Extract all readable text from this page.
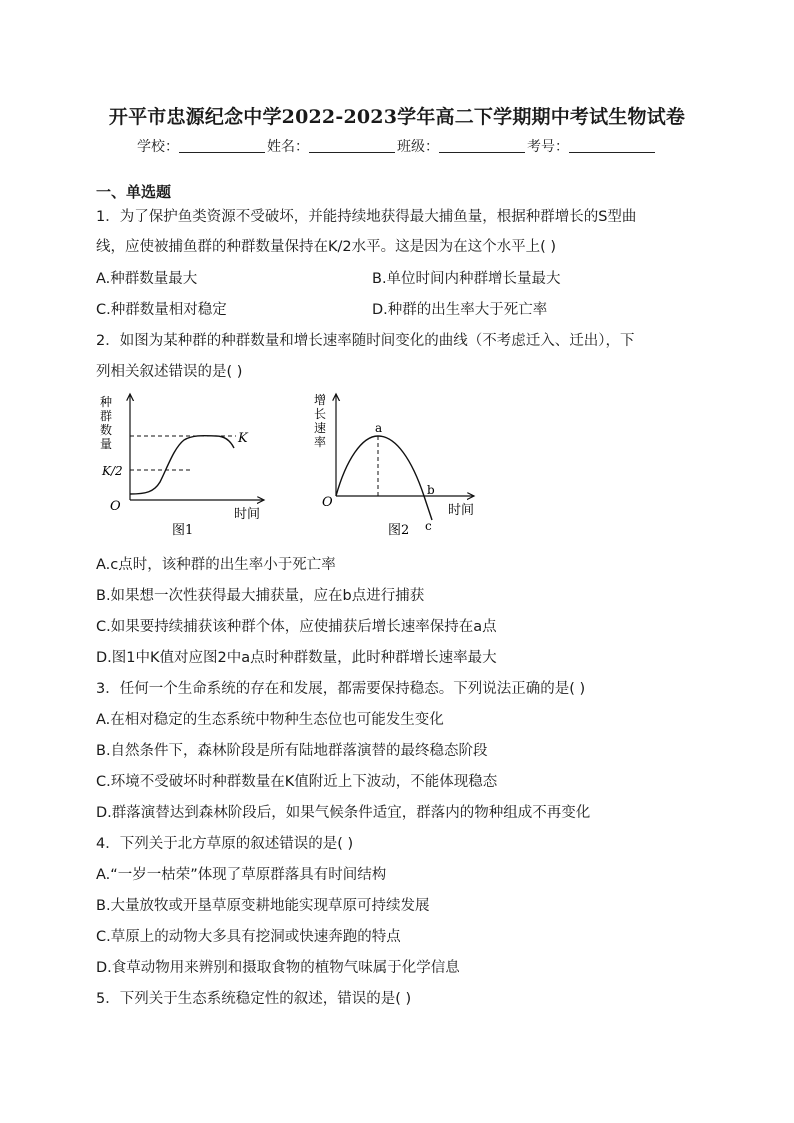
开平市忠源纪念中学2022-2023学年高二下学期期中考试生物试卷
学校：	姓名：	班级：	考号：
一、单选题
1．为了保护鱼类资源不受破坏，并能持续地获得最大捕鱼量，根据种群增长的S型曲
线，应使被捕鱼群的种群数量保持在K/2水平。这是因为在这个水平上( )
A.种群数量最大	B.单位时间内种群增长量最大
C.种群数量相对稳定	D.种群的出生率大于死亡率
2．如图为某种群的种群数量和增长速率随时间变化的曲线（不考虑迁入、迁出），下
列相关叙述错误的是( )
种
群
数
量	K
K/2
O
时间
图1
增
长
速
率
a
b
c
O
时间
图2
A.c点时，该种群的出生率小于死亡率
B.如果想一次性获得最大捕获量，应在b点进行捕获
C.如果要持续捕获该种群个体，应使捕获后增长速率保持在a点
D.图1中K值对应图2中a点时种群数量，此时种群增长速率最大
3．任何一个生命系统的存在和发展，都需要保持稳态。下列说法正确的是( )
A.在相对稳定的生态系统中物种生态位也可能发生变化
B.自然条件下，森林阶段是所有陆地群落演替的最终稳态阶段
C.环境不受破坏时种群数量在K值附近上下波动，不能体现稳态
D.群落演替达到森林阶段后，如果气候条件适宜，群落内的物种组成不再变化
4．下列关于北方草原的叙述错误的是( )
A.“一岁一枯荣”体现了草原群落具有时间结构
B.大量放牧或开垦草原变耕地能实现草原可持续发展
C.草原上的动物大多具有挖洞或快速奔跑的特点
D.食草动物用来辨别和摄取食物的植物气味属于化学信息
5．下列关于生态系统稳定性的叙述，错误的是( )
